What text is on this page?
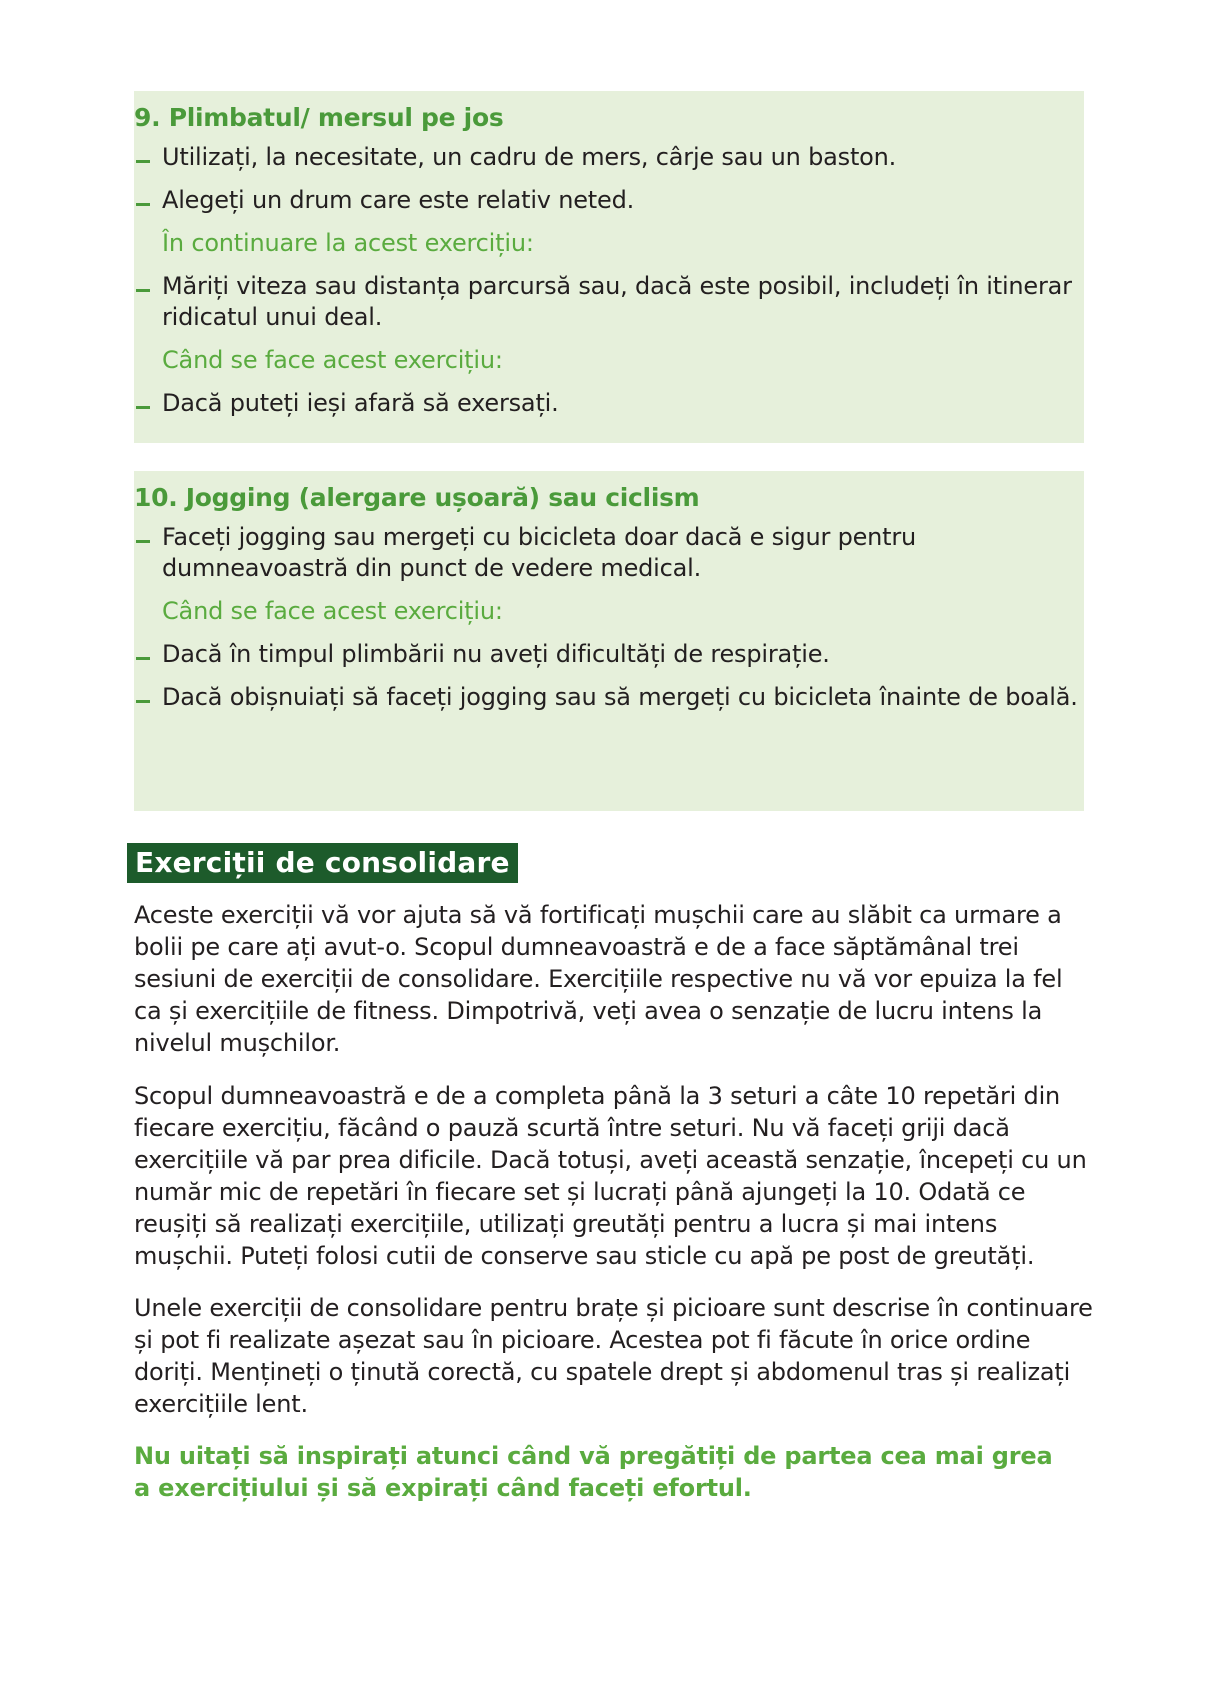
9. Plimbatul/ mersul pe jos
Utilizați, la necesitate, un cadru de mers, cârje sau un baston.
Alegeți un drum care este relativ neted.
În continuare la acest exercițiu:
Măriți viteza sau distanța parcursă sau, dacă este posibil, includeți în itinerar ridicatul unui deal.
Când se face acest exercițiu:
Dacă puteți ieși afară să exersați.
10. Jogging (alergare ușoară) sau ciclism
Faceți jogging sau mergeți cu bicicleta doar dacă e sigur pentru dumneavoastră din punct de vedere medical.
Când se face acest exercițiu:
Dacă în timpul plimbării nu aveți dificultăți de respirație.
Dacă obișnuiați să faceți jogging sau să mergeți cu bicicleta înainte de boală.
Exerciții de consolidare
Aceste exerciții vă vor ajuta să vă fortificați mușchii care au slăbit ca urmare a bolii pe care ați avut-o. Scopul dumneavoastră e de a face săptămânal trei sesiuni de exerciții de consolidare. Exercițiile respective nu vă vor epuiza la fel ca și exercițiile de fitness. Dimpotrivă, veți avea o senzație de lucru intens la nivelul mușchilor.
Scopul dumneavoastră e de a completa până la 3 seturi a câte 10 repetări din fiecare exercițiu, făcând o pauză scurtă între seturi. Nu vă faceți griji dacă exercițiile vă par prea dificile. Dacă totuși, aveți această senzație, începeți cu un număr mic de repetări în fiecare set și lucrați până ajungeți la 10. Odată ce reușiți să realizați exercițiile, utilizați greutăți pentru a lucra și mai intens mușchii. Puteți folosi cutii de conserve sau sticle cu apă pe post de greutăți.
Unele exerciții de consolidare pentru brațe și picioare sunt descrise în continuare și pot fi realizate așezat sau în picioare. Acestea pot fi făcute în orice ordine doriți. Mențineți o ținută corectă, cu spatele drept și abdomenul tras și realizați exercițiile lent.
Nu uitați să inspirați atunci când vă pregătiți de partea cea mai grea a exercițiului și să expirați când faceți efortul.
